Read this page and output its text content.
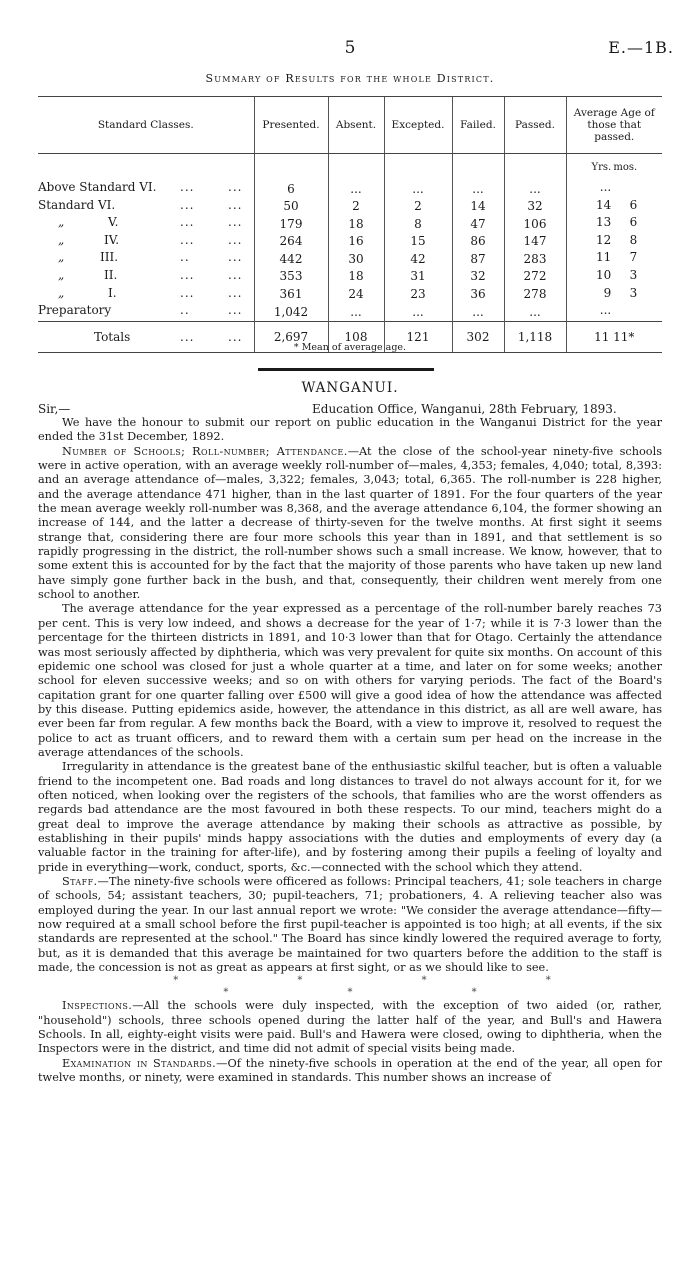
5	E.—1B.
Summary of Results for the whole District.
Standard Classes.	Presented.	Absent.	Excepted.	Failed.	Passed.	Average Age of those that passed.

						Yrs. mos.

Above Standard VI. ... ...	6	...	...	...	...	...

Standard VI. ... ...	50	2	2	14	32	14 6

„ V. ... ...	179	18	8	47	106	13 6

„ IV. ... ...	264	16	15	86	147	12 8

„ III. .. ...	442	30	42	87	283	11 7

„ II. ... ...	353	18	31	32	272	10 3

„ I. ... ...	361	24	23	36	278	9 3

Preparatory .. ...	1,042	...	...	...	...	...

Totals ... ...	2,697	108	121	302	1,118	11 11*
* Mean of average age.
WANGANUI.
Sir,—	Education Office, Wanganui, 28th February, 1893.

We have the honour to submit our report on public education in the Wanganui District for the year ended the 31st December, 1892.

Number of Schools; Roll-number; Attendance.—At the close of the school-year ninety-five schools were in active operation, with an average weekly roll-number of—males, 4,353; females, 4,040; total, 8,393: and an average attendance of—males, 3,322; females, 3,043; total, 6,365. The roll-number is 228 higher, and the average attendance 471 higher, than in the last quarter of 1891. For the four quarters of the year the mean average weekly roll-number was 8,368, and the average attendance 6,104, the former showing an increase of 144, and the latter a decrease of thirty-seven for the twelve months. At first sight it seems strange that, considering there are four more schools this year than in 1891, and that settlement is so rapidly progressing in the district, the roll-number shows such a small increase. We know, however, that to some extent this is accounted for by the fact that the majority of those parents who have taken up new land have simply gone further back in the bush, and that, consequently, their children went merely from one school to another.

The average attendance for the year expressed as a percentage of the roll-number barely reaches 73 per cent. This is very low indeed, and shows a decrease for the year of 1·7; while it is 7·3 lower than the percentage for the thirteen districts in 1891, and 10·3 lower than that for Otago. Certainly the attendance was most seriously affected by diphtheria, which was very prevalent for quite six months. On account of this epidemic one school was closed for just a whole quarter at a time, and later on for some weeks; another school for eleven successive weeks; and so on with others for varying periods. The fact of the Board's capitation grant for one quarter falling over £500 will give a good idea of how the attendance was affected by this disease. Putting epidemics aside, however, the attendance in this district, as all are well aware, has ever been far from regular. A few months back the Board, with a view to improve it, resolved to request the police to act as truant officers, and to reward them with a certain sum per head on the increase in the average attendances of the schools.

Irregularity in attendance is the greatest bane of the enthusiastic skilful teacher, but is often a valuable friend to the incompetent one. Bad roads and long distances to travel do not always account for it, for we often noticed, when looking over the registers of the schools, that families who are the worst offenders as regards bad attendance are the most favoured in both these respects. To our mind, teachers might do a great deal to improve the average attendance by making their schools as attractive as possible, by establishing in their pupils' minds happy associations with the duties and employments of every day (a valuable factor in the training for after-life), and by fostering among their pupils a feeling of loyalty and pride in everything—work, conduct, sports, &c.—connected with the school which they attend.

Staff.—The ninety-five schools were officered as follows: Principal teachers, 41; sole teachers in charge of schools, 54; assistant teachers, 30; pupil-teachers, 71; probationers, 4. A relieving teacher also was employed during the year. In our last annual report we wrote: "We consider the average attendance—fifty—now required at a small school before the first pupil-teacher is appointed is too high; at all events, if the six standards are represented at the school." The Board has since kindly lowered the required average to forty, but, as it is demanded that this average be maintained for two quarters before the addition to the staff is made, the concession is not as great as appears at first sight, or as we should like to see.

* * * * * * *

Inspections.—All the schools were duly inspected, with the exception of two aided (or, rather, "household") schools, three schools opened during the latter half of the year, and Bull's and Hawera Schools. In all, eighty-eight visits were paid. Bull's and Hawera were closed, owing to diphtheria, when the Inspectors were in the district, and time did not admit of special visits being made.

Examination in Standards.—Of the ninety-five schools in operation at the end of the year, all open for twelve months, or ninety, were examined in standards. This number shows an increase of
